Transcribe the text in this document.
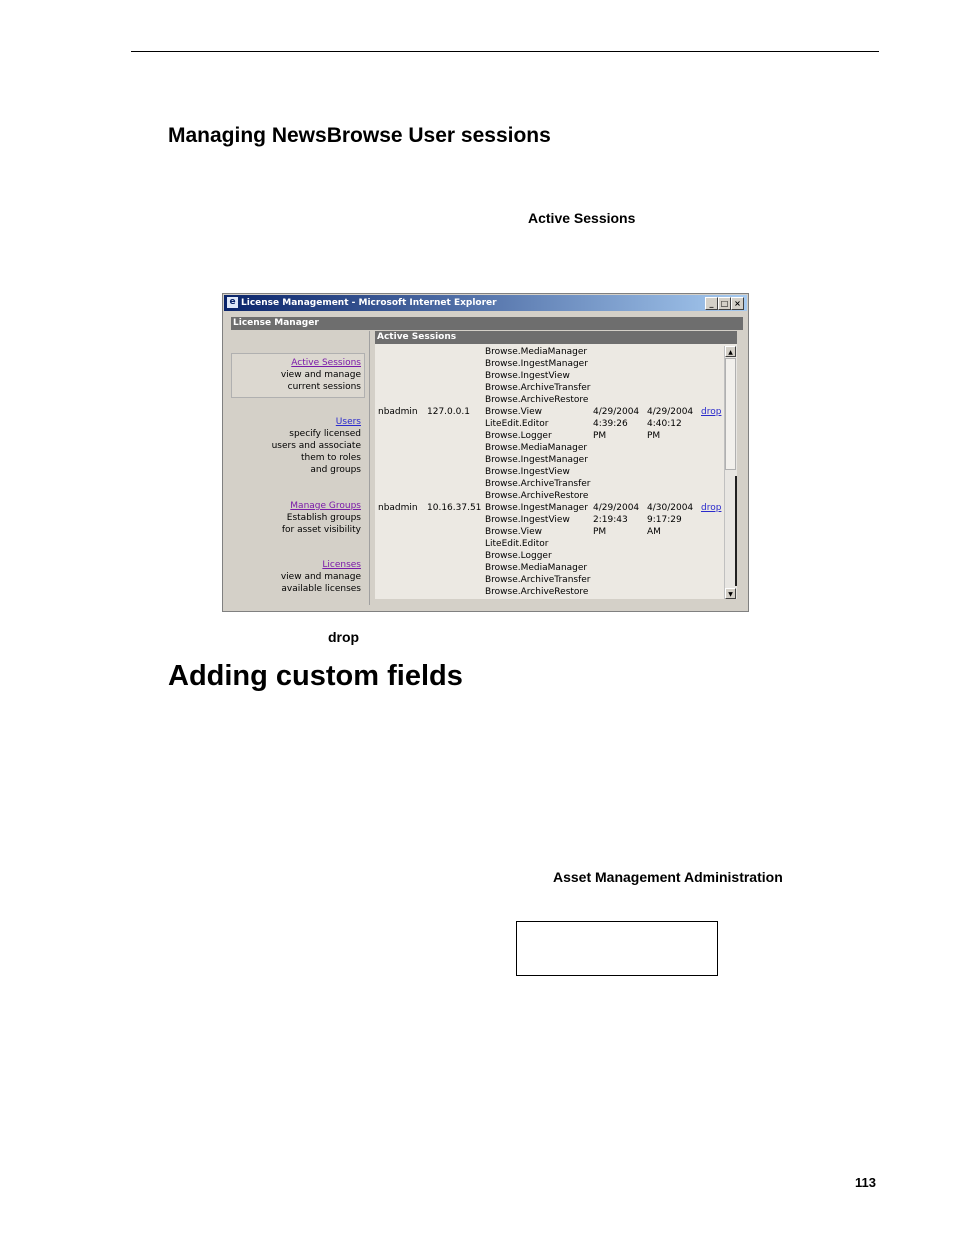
Managing NewsBrowse User sessions
Active Sessions
e License Management - Microsoft Internet Explorer	_ □ ×
License Manager
Active Sessions
view and manage
current sessions
Users
specify licensed
users and associate
them to roles
and groups
Manage Groups
Establish groups
for asset visibility
Licenses
view and manage
available licenses
Active Sessions
Browse.MediaManager
Browse.IngestManager
Browse.IngestView
Browse.ArchiveTransfer
Browse.ArchiveRestore
nbadmin 127.0.0.1 Browse.View
LiteEdit.Editor
Browse.Logger
Browse.MediaManager
Browse.IngestManager
Browse.IngestView
Browse.ArchiveTransfer
Browse.ArchiveRestore
4/29/2004
4:39:26
PM
4/29/2004
4:40:12
PM
drop
nbadmin 10.16.37.51 Browse.IngestManager
Browse.IngestView
Browse.View
LiteEdit.Editor
Browse.Logger
Browse.MediaManager
Browse.ArchiveTransfer
Browse.ArchiveRestore
4/29/2004
2:19:43
PM
4/30/2004
9:17:29
AM
drop
▲
▼
drop
Adding custom fields
Asset Management Administration
113
